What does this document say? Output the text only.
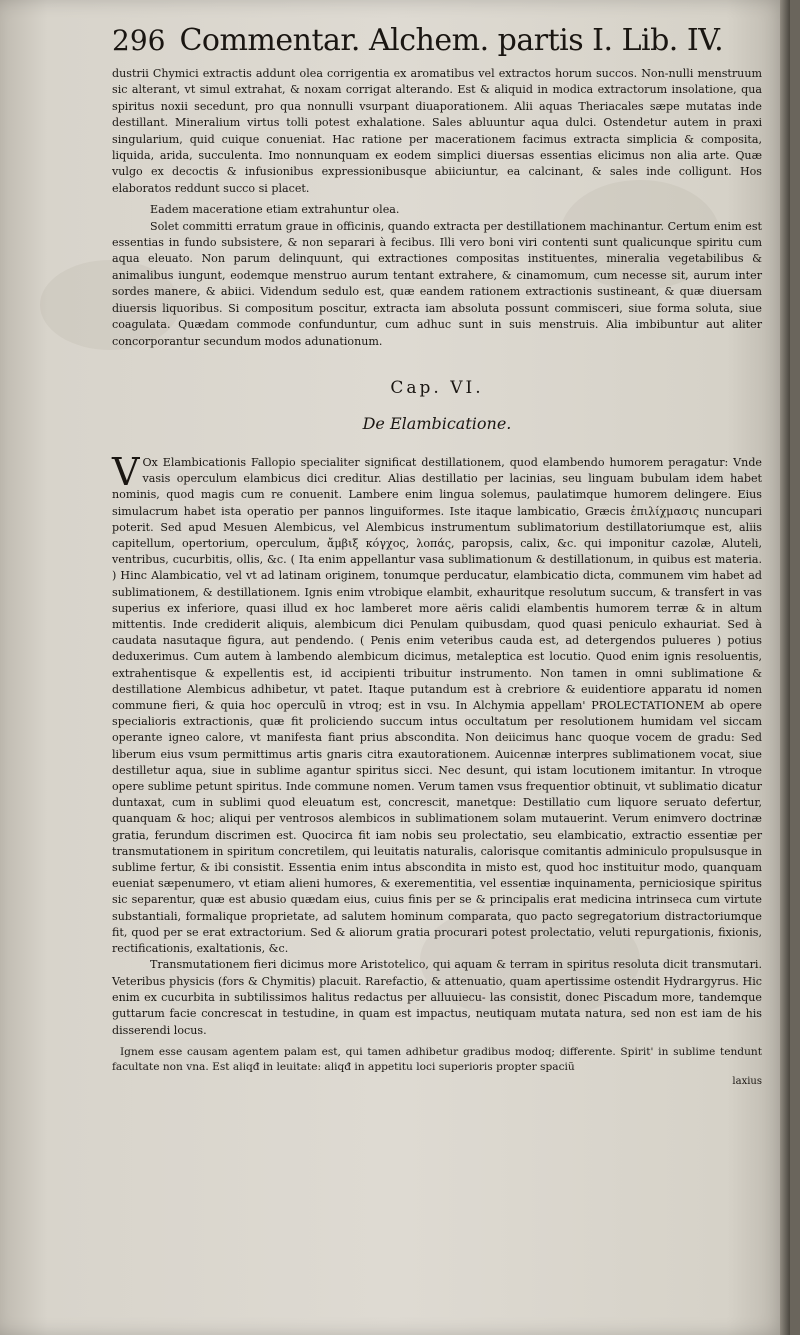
296 Commentar. Alchem. partis I. Lib. IV.

dustrii Chymici extractis addunt olea corrigentia ex aromatibus vel extractos horum succos. Non-nulli menstruum sic alterant, vt simul extrahat, & noxam corrigat alterando. Est & aliquid in modica extractorum insolatione, qua spiritus noxii secedunt, pro qua nonnulli vsurpant diuaporationem. Alii aquas Theriacales sæpe mutatas inde destillant. Mineralium virtus tolli potest exhalatione. Sales abluuntur aqua dulci. Ostendetur autem in praxi singularium, quid cuique conueniat. Hac ratione per macerationem facimus extracta simplicia & composita, liquida, arida, succulenta. Imo nonnunquam ex eodem simplici diuersas essentias elicimus non alia arte. Quæ vulgo ex decoctis & infusionibus expressionibusque abiiciuntur, ea calcinant, & sales inde colligunt. Hos elaboratos reddunt succo si placet.

Eadem maceratione etiam extrahuntur olea.

Solet committi erratum graue in officinis, quando extracta per destillationem machinantur. Certum enim est essentias in fundo subsistere, & non separari à fecibus. Illi vero boni viri contenti sunt qualicunque spiritu cum aqua eleuato. Non parum delinquunt, qui extractiones compositas instituentes, mineralia vegetabilibus & animalibus iungunt, eodemque menstruo aurum tentant extrahere, & cinamomum, cum necesse sit, aurum inter sordes manere, & abiici. Videndum sedulo est, quæ eandem rationem extractionis sustineant, & quæ diuersam diuersis liquoribus. Si compositum poscitur, extracta iam absoluta possunt commisceri, siue forma soluta, siue coagulata. Quædam commode confunduntur, cum adhuc sunt in suis menstruis. Alia imbibuntur aut aliter concorporantur secundum modos adunationum.

Cap. VI.
De Elambicatione.

V Ox Elambicationis Fallopio specialiter significat destillationem, quod elambendo humorem peragatur: Vnde vasis operculum elambicus dici creditur. Alias destillatio per lacinias, seu linguam bubulam idem habet nominis, quod magis cum re conuenit. Lambere enim lingua solemus, paulatimque humorem delingere. Eius simulacrum habet ista operatio per pannos linguiformes. Iste itaque lambicatio, Græcis ἐπιλίχμασις nuncupari poterit. Sed apud Mesuen Alembicus, vel Alembicus instrumentum sublimatorium destillatoriumque est, aliis capitellum, opertorium, operculum, ἄμβιξ κόγχος, λοπάς, paropsis, calix, &c. qui imponitur cazolæ, Aluteli, ventribus, cucurbitis, ollis, &c. ( Ita enim appellantur vasa sublimationum & destillationum, in quibus est materia. ) Hinc Alambicatio, vel vt ad latinam originem, tonumque perducatur, elambicatio dicta, communem vim habet ad sublimationem, & destillationem. Ignis enim vtrobique elambit, exhauritque resolutum succum, & transfert in vas superius ex inferiore, quasi illud ex hoc lamberet more aëris calidi elambentis humorem terræ & in altum mittentis. Inde crediderit aliquis, alembicum dici Penulam quibusdam, quod quasi peniculo exhauriat. Sed à caudata nasutaque figura, aut pendendo. ( Penis enim veteribus cauda est, ad detergendos pulueres ) potius deduxerimus. Cum autem à lambendo alembicum dicimus, metaleptica est locutio. Quod enim ignis resoluentis, extrahentisque & expellentis est, id accipienti tribuitur instrumento. Non tamen in omni sublimatione & destillatione Alembicus adhibetur, vt patet. Itaque putandum est à crebriore & euidentiore apparatu id nomen commune fieri, & quia hoc operculũ in vtroq; est in vsu. In Alchymia appellam' PROLECTATIONEM ab opere specialioris extractionis, quæ fit proliciendo succum intus occultatum per resolutionem humidam vel siccam operante igneo calore, vt manifesta fiant prius abscondita. Non deiicimus hanc quoque vocem de gradu: Sed liberum eius vsum permittimus artis gnaris citra exautorationem. Auicennæ interpres sublimationem vocat, siue destilletur aqua, siue in sublime agantur spiritus sicci. Nec desunt, qui istam locutionem imitantur. In vtroque opere sublime petunt spiritus. Inde commune nomen. Verum tamen vsus frequentior obtinuit, vt sublimatio dicatur duntaxat, cum in sublimi quod eleuatum est, concrescit, manetque: Destillatio cum liquore seruato defertur, quanquam & hoc; aliqui per ventrosos alembicos in sublimationem solam mutauerint. Verum enimvero doctrinæ gratia, ferundum discrimen est. Quocirca fit iam nobis seu prolectatio, seu elambicatio, extractio essentiæ per transmutationem in spiritum concretilem, qui leuitatis naturalis, calorisque comitantis adminiculo propulsusque in sublime fertur, & ibi consistit. Essentia enim intus abscondita in misto est, quod hoc instituitur modo, quanquam eueniat sæpenumero, vt etiam alieni humores, & exerementitia, vel essentiæ inquinamenta, perniciosique spiritus sic separentur, quæ est abusio quædam eius, cuius finis per se & principalis erat medicina intrinseca cum virtute substantiali, formalique proprietate, ad salutem hominum comparata, quo pacto segregatorium distractoriumque fit, quod per se erat extractorium. Sed & aliorum gratia procurari potest prolectatio, veluti repurgationis, fixionis, rectificationis, exaltationis, &c.

Transmutationem fieri dicimus more Aristotelico, qui aquam & terram in spiritus resoluta dicit transmutari. Veteribus physicis (fors & Chymitis) placuit. Rarefactio, & attenuatio, quam apertissime ostendit Hydrargyrus. Hic enim ex cucurbita in subtilissimos halitus redactus per alluuiecu- las consistit, donec Piscadum more, tandemque guttarum facie concrescat in testudine, in quam est impactus, neutiquam mutata natura, sed non est iam de his disserendi locus.

Ignem esse causam agentem palam est, qui tamen adhibetur gradibus modoq; differente. Spirit' in sublime tendunt facultate non vna. Est aliqđ in leuitate: aliqđ in appetitu loci superioris propter spaciũ

laxius
